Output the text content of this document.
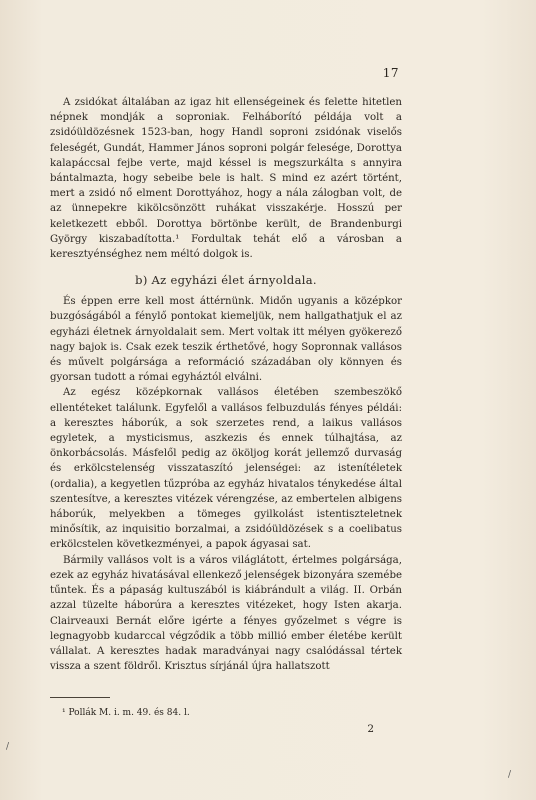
17

A zsidókat általában az igaz hit ellenségeinek és felette hitetlen népnek mondják a soproniak. Felháborító példája volt a zsidóüldözésnek 1523-ban, hogy Handl soproni zsidónak viselős feleségét, Gundát, Hammer János soproni polgár felesége, Dorottya kalapáccsal fejbe verte, majd késsel is megszurkálta s annyira bántalmazta, hogy sebeibe bele is halt. S mind ez azért történt, mert a zsidó nő elment Dorottyához, hogy a nála zálogban volt, de az ünnepekre kikölcsönzött ruhákat visszakérje. Hosszú per keletkezett ebből. Dorottya börtönbe került, de Brandenburgi György kiszabadította.¹ Fordultak tehát elő a városban a keresztyénséghez nem méltó dolgok is.

b) Az egyházi élet árnyoldala.

És éppen erre kell most áttérnünk. Midőn ugyanis a középkor buzgóságából a fénylő pontokat kiemeljük, nem hallgathatjuk el az egyházi életnek árnyoldalait sem. Mert voltak itt mélyen gyökerező nagy bajok is. Csak ezek teszik érthetővé, hogy Sopronnak vallásos és művelt polgársága a reformáció századában oly könnyen és gyorsan tudott a római egyháztól elválni.

Az egész középkornak vallásos életében szembeszökő ellentéteket találunk. Egyfelől a vallásos felbuzdulás fényes példái: a keresztes háborúk, a sok szerzetes rend, a laikus vallásos egyletek, a mysticismus, aszkezis és ennek túlhajtása, az önkorbácsolás. Másfelől pedig az ököljog korát jellemző durvaság és erkölcstelenség visszataszító jelenségei: az istenítéletek (ordalia), a kegyetlen tűzpróba az egyház hivatalos ténykedése által szentesítve, a keresztes vitézek vérengzése, az embertelen albigens háborúk, melyekben a tömeges gyilkolást istentiszteletnek minősítik, az inquisitio borzalmai, a zsidóüldözések s a coelibatus erkölcstelen következményei, a papok ágyasai sat.

Bármily vallásos volt is a város világlátott, értelmes polgársága, ezek az egyház hivatásával ellenkező jelenségek bizonyára szemébe tűntek. És a pápaság kultuszából is kiábrándult a világ. II. Orbán azzal tüzelte háborúra a keresztes vitézeket, hogy Isten akarja. Clairveauxi Bernát előre igérte a fényes győzelmet s végre is legnagyobb kudarccal végződik a több millió ember életébe került vállalat. A keresztes hadak maradványai nagy csalódással tértek vissza a szent földről. Krisztus sírjánál újra hallatszott

¹ Pollák M. i. m. 49. és 84. l.
2
/
/
